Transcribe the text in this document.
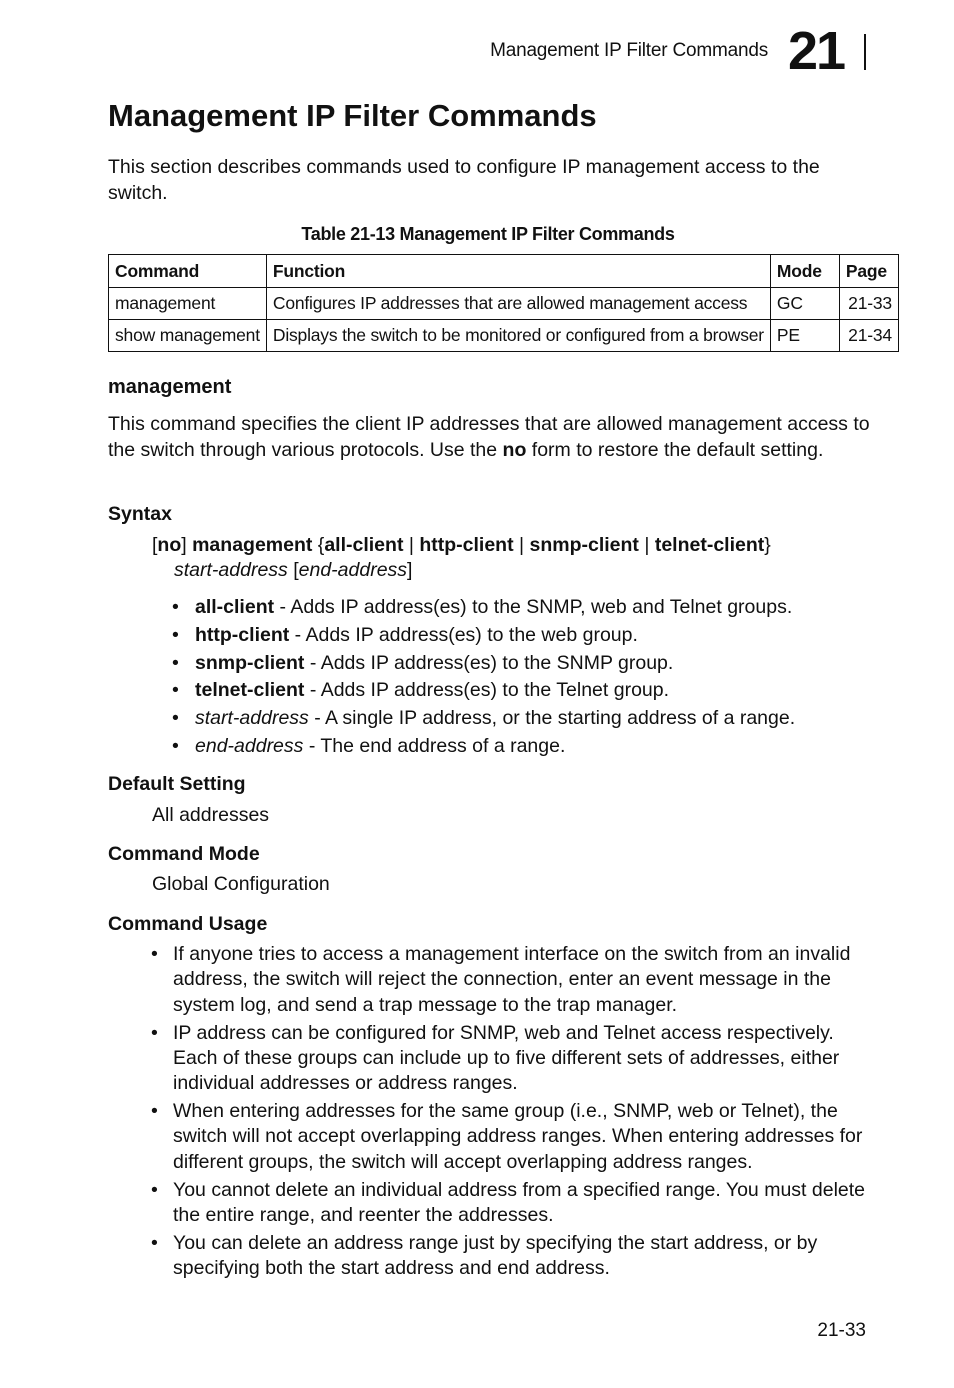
Management IP Filter Commands 21
Management IP Filter Commands
This section describes commands used to configure IP management access to the switch.
Table 21-13 Management IP Filter Commands
Command	Function	Mode	Page
management	Configures IP addresses that are allowed management access	GC	21-33
show management	Displays the switch to be monitored or configured from a browser	PE	21-34
management
This command specifies the client IP addresses that are allowed management access to the switch through various protocols. Use the no form to restore the default setting.
Syntax
[no] management {all-client | http-client | snmp-client | telnet-client}
start-address [end-address]
• all-client - Adds IP address(es) to the SNMP, web and Telnet groups.
• http-client - Adds IP address(es) to the web group.
• snmp-client - Adds IP address(es) to the SNMP group.
• telnet-client - Adds IP address(es) to the Telnet group.
• start-address - A single IP address, or the starting address of a range.
• end-address - The end address of a range.
Default Setting
All addresses
Command Mode
Global Configuration
Command Usage
• If anyone tries to access a management interface on the switch from an invalid address, the switch will reject the connection, enter an event message in the system log, and send a trap message to the trap manager.
• IP address can be configured for SNMP, web and Telnet access respectively. Each of these groups can include up to five different sets of addresses, either individual addresses or address ranges.
• When entering addresses for the same group (i.e., SNMP, web or Telnet), the switch will not accept overlapping address ranges. When entering addresses for different groups, the switch will accept overlapping address ranges.
• You cannot delete an individual address from a specified range. You must delete the entire range, and reenter the addresses.
• You can delete an address range just by specifying the start address, or by specifying both the start address and end address.
21-33
